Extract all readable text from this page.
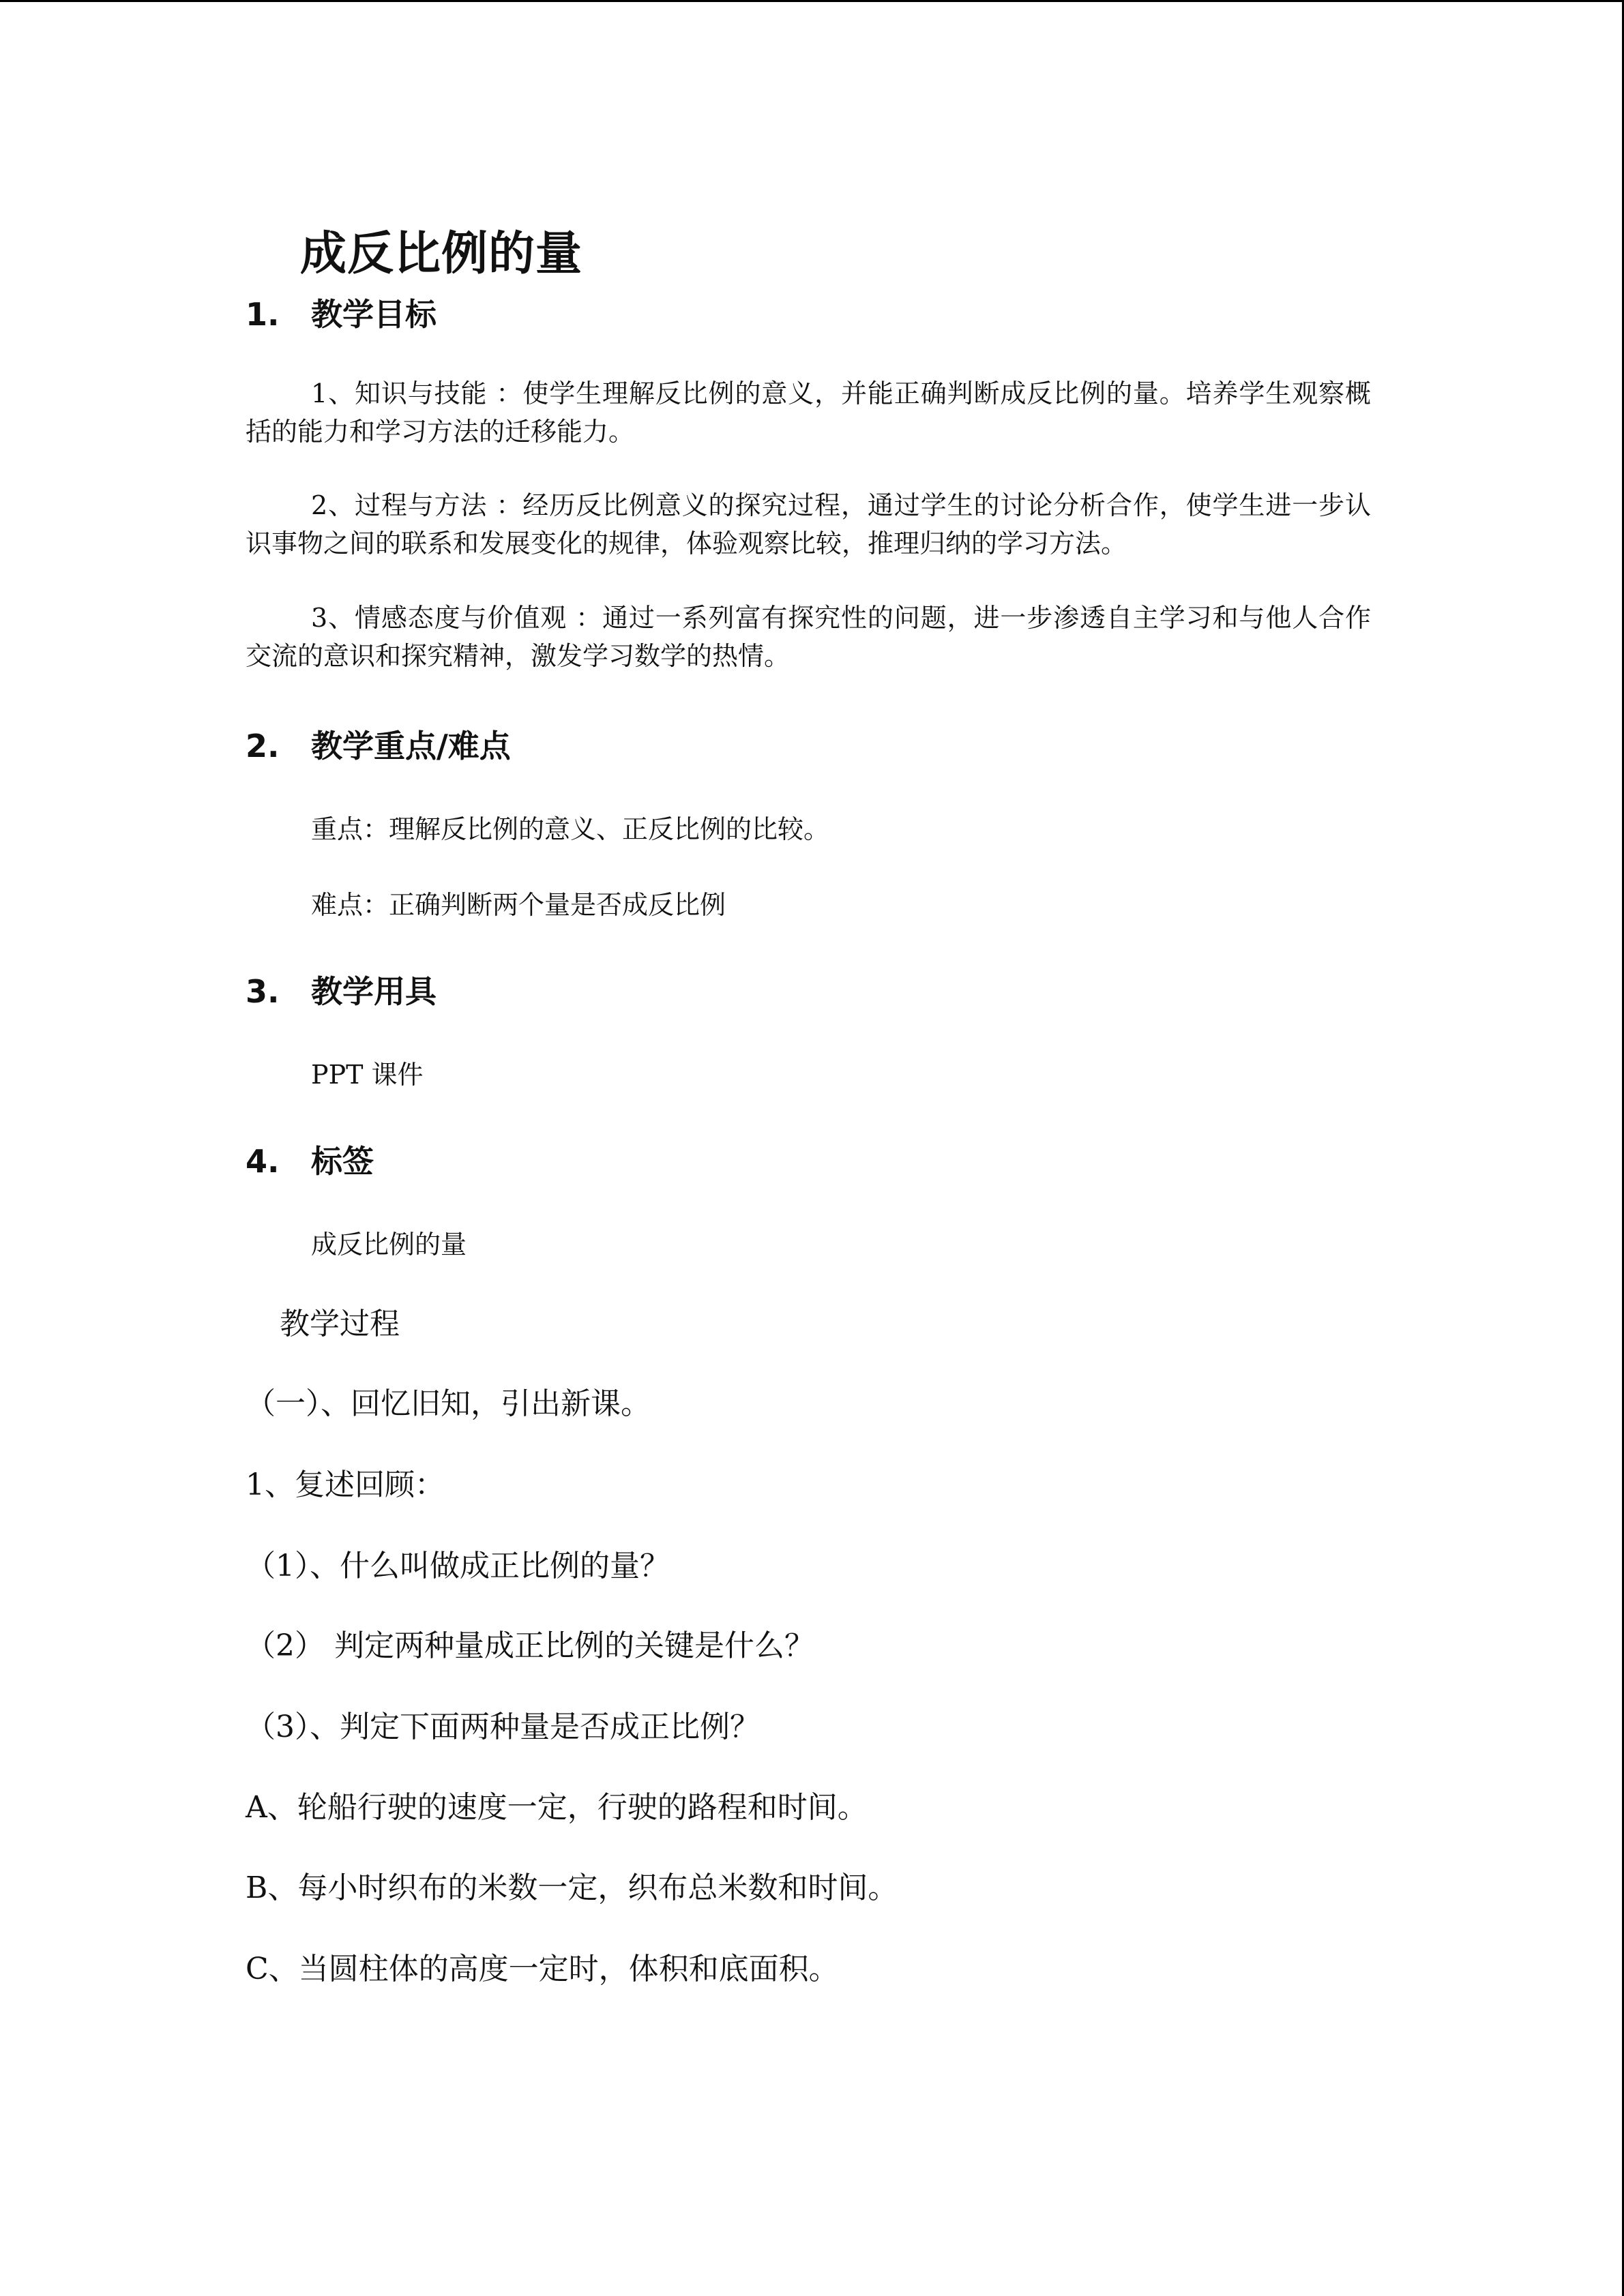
成反比例的量
1. 教学目标
1、知识与技能 ：使学生理解反比例的意义，并能正确判断成反比例的量。培养学生观察概括的能力和学习方法的迁移能力。
2、过程与方法 ：经历反比例意义的探究过程，通过学生的讨论分析合作，使学生进一步认识事物之间的联系和发展变化的规律，体验观察比较，推理归纳的学习方法。
3、情感态度与价值观 ：通过一系列富有探究性的问题，进一步渗透自主学习和与他人合作交流的意识和探究精神，激发学习数学的热情。
2. 教学重点/难点
重点：理解反比例的意义、正反比例的比较。
难点：正确判断两个量是否成反比例
3. 教学用具
PPT 课件
4. 标签
成反比例的量
教学过程
（一）、回忆旧知，引出新课。
1、复述回顾：
（1）、什么叫做成正比例的量？
（2） 判定两种量成正比例的关键是什么？
（3）、判定下面两种量是否成正比例？
A、轮船行驶的速度一定，行驶的路程和时间。
B、每小时织布的米数一定，织布总米数和时间。
C、当圆柱体的高度一定时，体积和底面积。
